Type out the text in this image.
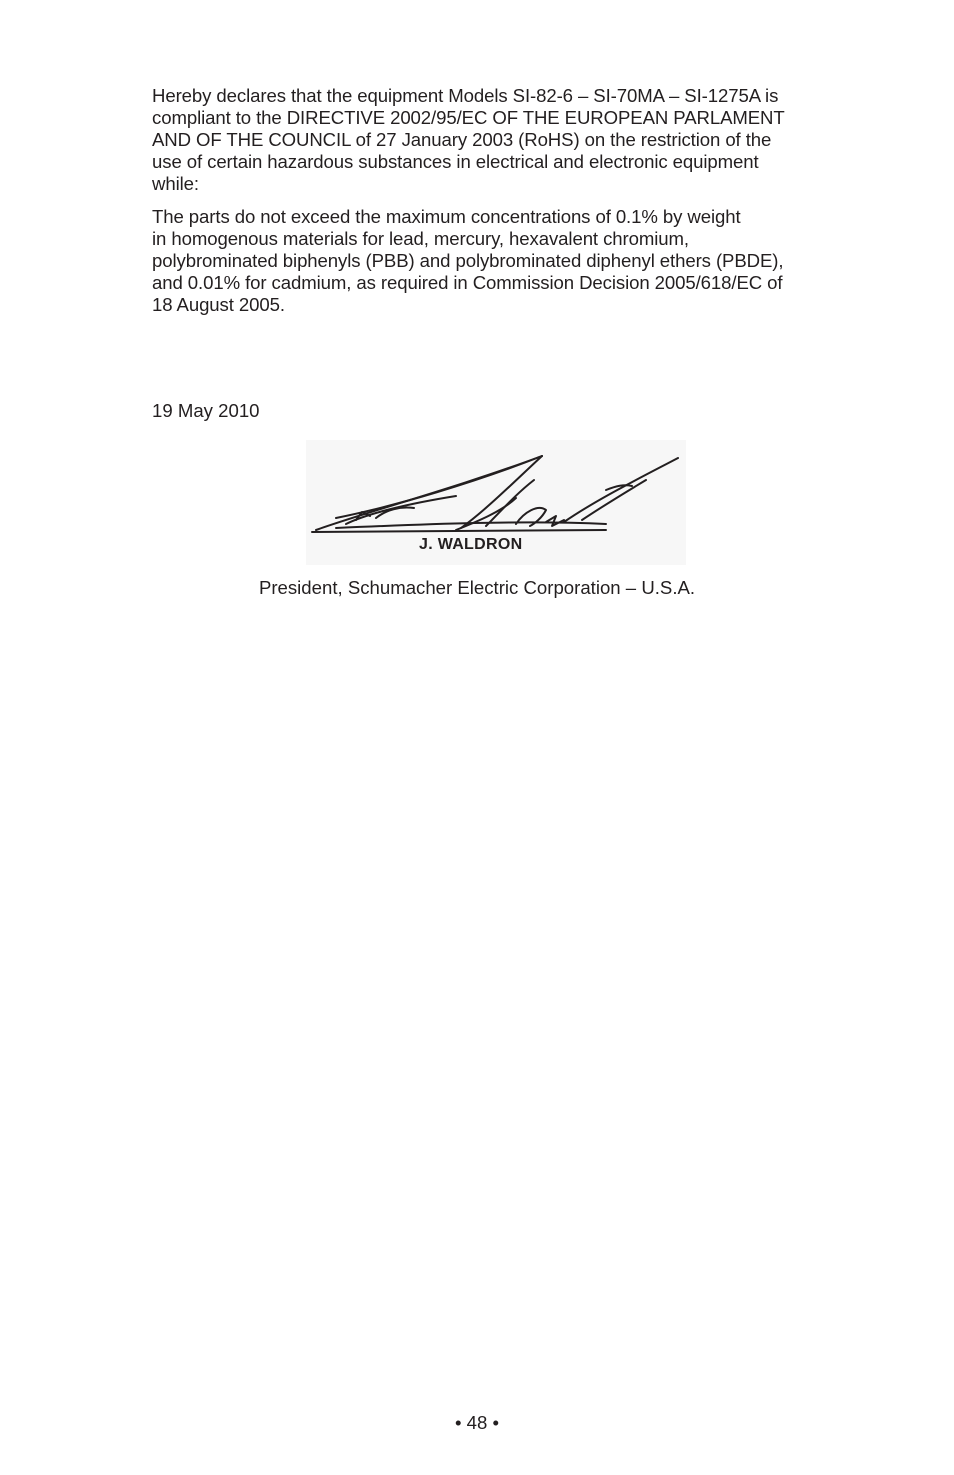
Hereby declares that the equipment Models SI-82-6 – SI-70MA – SI-1275A is
compliant to the DIRECTIVE 2002/95/EC OF THE EUROPEAN PARLAMENT
AND OF THE COUNCIL of 27 January 2003 (RoHS) on the restriction of the
use of certain hazardous substances in electrical and electronic equipment
while:

The parts do not exceed the maximum concentrations of 0.1% by weight
in homogenous materials for lead, mercury, hexavalent chromium,
polybrominated biphenyls (PBB) and polybrominated diphenyl ethers (PBDE),
and 0.01% for cadmium, as required in Commission Decision 2005/618/EC of
18 August 2005.

19 May 2010

J. WALDRON

President, Schumacher Electric Corporation – U.S.A.

• 48 •
